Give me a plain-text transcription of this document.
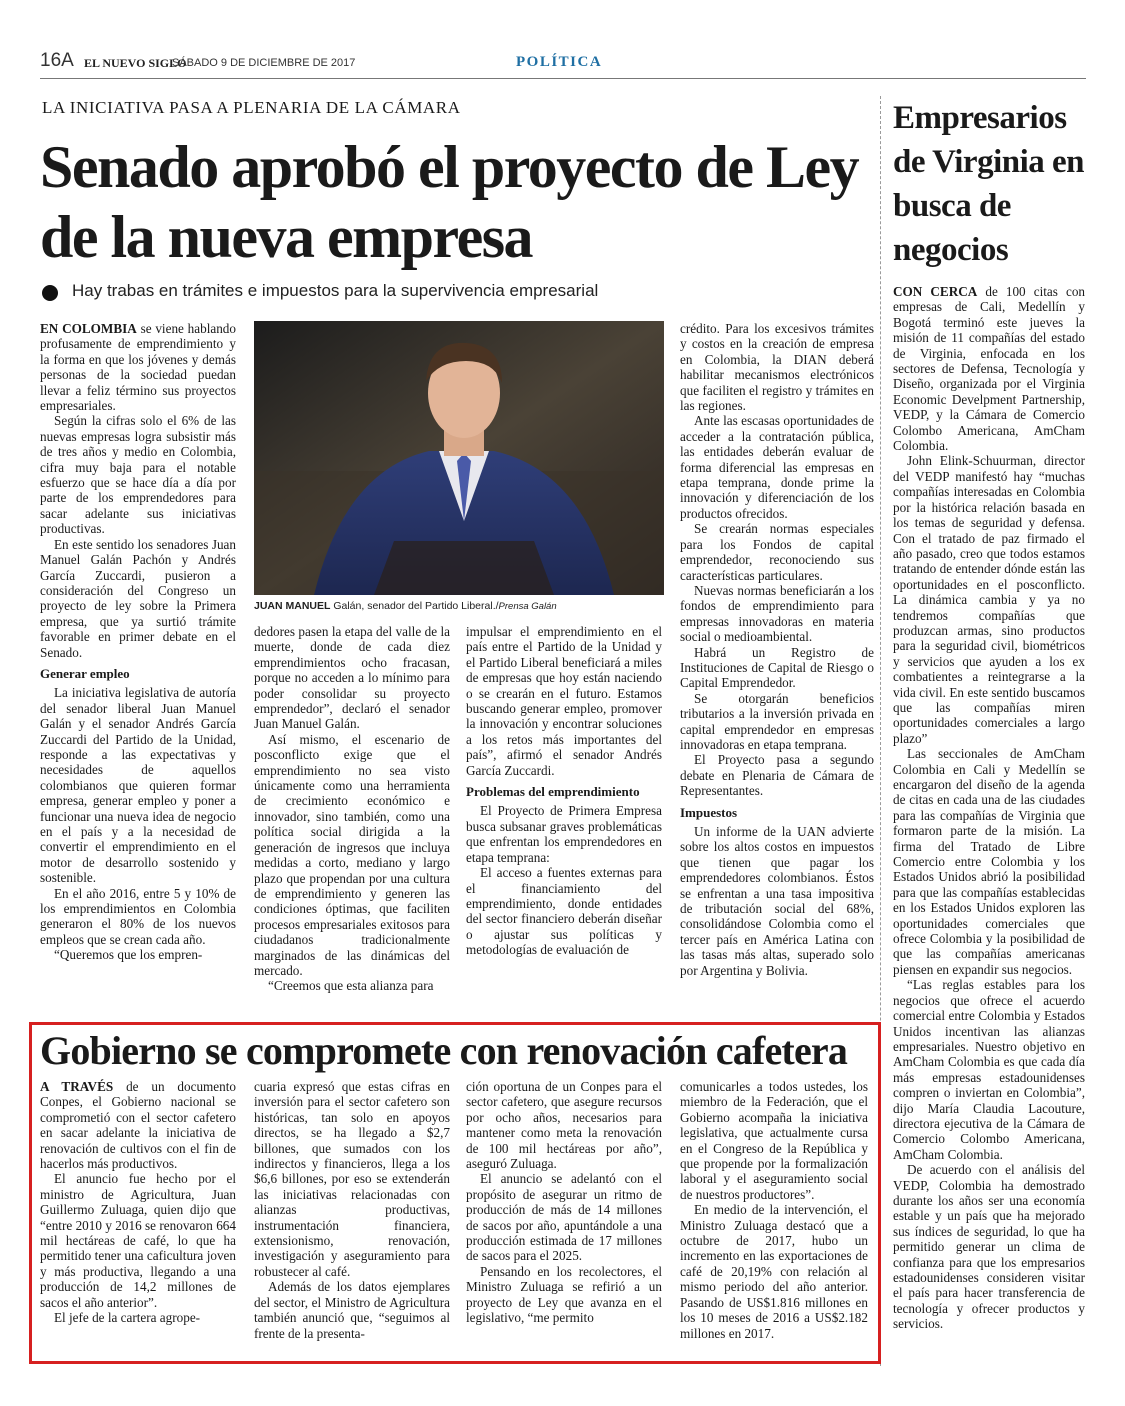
16A EL NUEVO SIGLO
SÁBADO 9 DE DICIEMBRE DE 2017	POLÍTICA
LA INICIATIVA PASA A PLENARIA DE LA CÁMARA
Senado aprobó el proyecto de Ley de la nueva empresa
Hay trabas en trámites e impuestos para la supervivencia empresarial

EN COLOMBIA se viene hablando profusamente de emprendimiento y la forma en que los jóvenes y demás personas de la sociedad puedan llevar a feliz término sus proyectos empresariales.

Según la cifras solo el 6% de las nuevas empresas logra subsistir más de tres años y medio en Colombia, cifra muy baja para el notable esfuerzo que se hace día a día por parte de los emprendedores para sacar adelante sus iniciativas productivas.

En este sentido los senadores Juan Manuel Galán Pachón y Andrés García Zuccardi, pusieron a consideración del Congreso un proyecto de ley sobre la Primera empresa, que ya surtió trámite favorable en primer debate en el Senado.

Generar empleo

La iniciativa legislativa de autoría del senador liberal Juan Manuel Galán y el senador Andrés García Zuccardi del Partido de la Unidad, responde a las expectativas y necesidades de aquellos colombianos que quieren formar empresa, generar empleo y poner a funcionar una nueva idea de negocio en el país y a la necesidad de convertir el emprendimiento en el motor de desarrollo sostenido y sostenible.

En el año 2016, entre 5 y 10% de los emprendimientos en Colombia generaron el 80% de los nuevos empleos que se crean cada año.

“Queremos que los empren-

JUAN MANUEL Galán, senador del Partido Liberal./Prensa Galán

dedores pasen la etapa del valle de la muerte, donde de cada diez emprendimientos ocho fracasan, porque no acceden a lo mínimo para poder consolidar su proyecto emprendedor”, declaró el senador Juan Manuel Galán.

Así mismo, el escenario de posconflicto exige que el emprendimiento no sea visto únicamente como una herramienta de crecimiento económico e innovador, sino también, como una política social dirigida a la generación de ingresos que incluya medidas a corto, mediano y largo plazo que propendan por una cultura de emprendimiento y generen las condiciones óptimas, que faciliten procesos empresariales exitosos para ciudadanos tradicionalmente marginados de las dinámicas del mercado.

“Creemos que esta alianza para

impulsar el emprendimiento en el país entre el Partido de la Unidad y el Partido Liberal beneficiará a miles de empresas que hoy están naciendo o se crearán en el futuro. Estamos buscando generar empleo, promover la innovación y encontrar soluciones a los retos más importantes del país”, afirmó el senador Andrés García Zuccardi.

Problemas del emprendimiento

El Proyecto de Primera Empresa busca subsanar graves problemáticas que enfrentan los emprendedores en etapa temprana:

El acceso a fuentes externas para el financiamiento del emprendimiento, donde entidades del sector financiero deberán diseñar o ajustar sus políticas y metodologías de evaluación de

crédito. Para los excesivos trámites y costos en la creación de empresa en Colombia, la DIAN deberá habilitar mecanismos electrónicos que faciliten el registro y trámites en las regiones.

Ante las escasas oportunidades de acceder a la contratación pública, las entidades deberán evaluar de forma diferencial las empresas en etapa temprana, donde prime la innovación y diferenciación de los productos ofrecidos.

Se crearán normas especiales para los Fondos de capital emprendedor, reconociendo sus características particulares.

Nuevas normas beneficiarán a los fondos de emprendimiento para empresas innovadoras en materia social o medioambiental.

Habrá un Registro de Instituciones de Capital de Riesgo o Capital Emprendedor.

Se otorgarán beneficios tributarios a la inversión privada en capital emprendedor en empresas innovadoras en etapa temprana.

El Proyecto pasa a segundo debate en Plenaria de Cámara de Representantes.

Impuestos

Un informe de la UAN advierte sobre los altos costos en impuestos que tienen que pagar los emprendedores colombianos. Éstos se enfrentan a una tasa impositiva de tributación social del 68%, consolidándose Colombia como el tercer país en América Latina con las tasas más altas, superado solo por Argentina y Bolivia.

Empresarios de Virginia en busca de negocios

CON CERCA de 100 citas con empresas de Cali, Medellín y Bogotá terminó este jueves la misión de 11 compañías del estado de Virginia, enfocada en los sectores de Defensa, Tecnología y Diseño, organizada por el Virginia Economic Develpment Partnership, VEDP, y la Cámara de Comercio Colombo Americana, AmCham Colombia.

John Elink-Schuurman, director del VEDP manifestó hay “muchas compañías interesadas en Colombia por la histórica relación basada en los temas de seguridad y defensa. Con el tratado de paz firmado el año pasado, creo que todos estamos tratando de entender dónde están las oportunidades en el posconflicto. La dinámica cambia y ya no tendremos compañías que produzcan armas, sino productos para la seguridad civil, biométricos y servicios que ayuden a los ex combatientes a reintegrarse a la vida civil. En este sentido buscamos que las compañías miren oportunidades comerciales a largo plazo”

Las seccionales de AmCham Colombia en Cali y Medellín se encargaron del diseño de la agenda de citas en cada una de las ciudades para las compañías de Virginia que formaron parte de la misión. La firma del Tratado de Libre Comercio entre Colombia y los Estados Unidos abrió la posibilidad para que las compañías establecidas en los Estados Unidos exploren las oportunidades comerciales que ofrece Colombia y la posibilidad de que las compañías americanas piensen en expandir sus negocios.

“Las reglas estables para los negocios que ofrece el acuerdo comercial entre Colombia y Estados Unidos incentivan las alianzas empresariales. Nuestro objetivo en AmCham Colombia es que cada día más empresas estadounidenses compren o inviertan en Colombia”, dijo María Claudia Lacouture, directora ejecutiva de la Cámara de Comercio Colombo Americana, AmCham Colombia.

De acuerdo con el análisis del VEDP, Colombia ha demostrado durante los años ser una economía estable y un país que ha mejorado sus índices de seguridad, lo que ha permitido generar un clima de confianza para que los empresarios estadounidenses consideren visitar el país para hacer transferencia de tecnología y ofrecer productos y servicios.

Gobierno se compromete con renovación cafetera

A TRAVÉS de un documento Conpes, el Gobierno nacional se comprometió con el sector cafetero en sacar adelante la iniciativa de renovación de cultivos con el fin de hacerlos más productivos.

El anuncio fue hecho por el ministro de Agricultura, Juan Guillermo Zuluaga, quien dijo que “entre 2010 y 2016 se renovaron 664 mil hectáreas de café, lo que ha permitido tener una caficultura joven y más productiva, llegando a una producción de 14,2 millones de sacos el año anterior”.

El jefe de la cartera agrope-

cuaria expresó que estas cifras en inversión para el sector cafetero son históricas, tan solo en apoyos directos, se ha llegado a $2,7 billones, que sumados con los indirectos y financieros, llega a los $6,6 billones, por eso se extenderán las iniciativas relacionadas con alianzas productivas, instrumentación financiera, extensionismo, renovación, investigación y aseguramiento para robustecer al café.

Además de los datos ejemplares del sector, el Ministro de Agricultura también anunció que, “seguimos al frente de la presenta-

ción oportuna de un Conpes para el sector cafetero, que asegure recursos por ocho años, necesarios para mantener como meta la renovación de 100 mil hectáreas por año”, aseguró Zuluaga.

El anuncio se adelantó con el propósito de asegurar un ritmo de producción de más de 14 millones de sacos por año, apuntándole a una producción estimada de 17 millones de sacos para el 2025.

Pensando en los recolectores, el Ministro Zuluaga se refirió a un proyecto de Ley que avanza en el legislativo, “me permito

comunicarles a todos ustedes, los miembro de la Federación, que el Gobierno acompaña la iniciativa legislativa, que actualmente cursa en el Congreso de la República y que propende por la formalización laboral y el aseguramiento social de nuestros productores”.

En medio de la intervención, el Ministro Zuluaga destacó que a octubre de 2017, hubo un incremento en las exportaciones de café de 20,19% con relación al mismo periodo del año anterior. Pasando de US$1.816 millones en los 10 meses de 2016 a US$2.182 millones en 2017.
